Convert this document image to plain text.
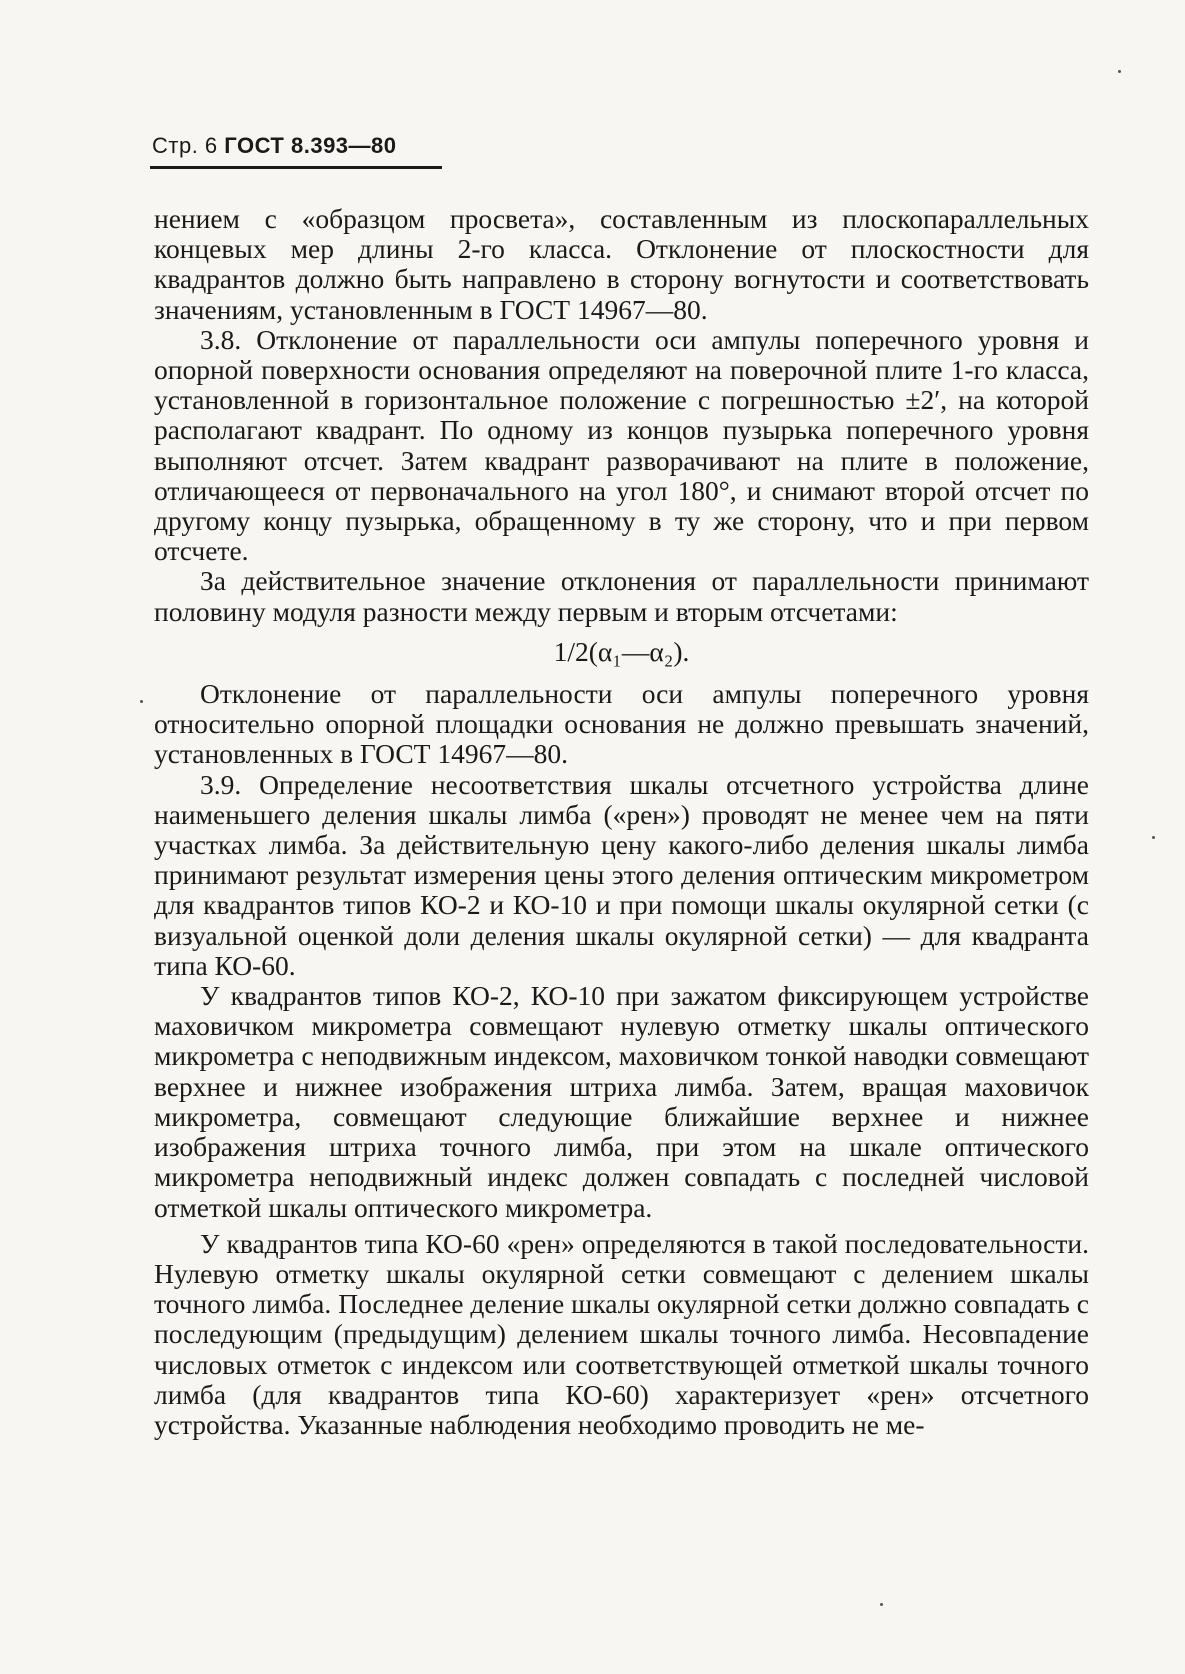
Стр. 6 ГОСТ 8.393—80

нением с «образцом просвета», составленным из плоскопараллельных концевых мер длины 2-го класса. Отклонение от плоскостности для квадрантов должно быть направлено в сторону вогнутости и соответствовать значениям, установленным в ГОСТ 14967—80.

3.8. Отклонение от параллельности оси ампулы поперечного уровня и опорной поверхности основания определяют на поверочной плите 1-го класса, установленной в горизонтальное положение с погрешностью ±2′, на которой располагают квадрант. По одному из концов пузырька поперечного уровня выполняют отсчет. Затем квадрант разворачивают на плите в положение, отличающееся от первоначального на угол 180°, и снимают второй отсчет по другому концу пузырька, обращенному в ту же сторону, что и при первом отсчете.

За действительное значение отклонения от параллельности принимают половину модуля разности между первым и вторым отсчетами:

1/2(α₁—α₂).

Отклонение от параллельности оси ампулы поперечного уровня относительно опорной площадки основания не должно превышать значений, установленных в ГОСТ 14967—80.

3.9. Определение несоответствия шкалы отсчетного устройства длине наименьшего деления шкалы лимба («рен») проводят не менее чем на пяти участках лимба. За действительную цену какого-либо деления шкалы лимба принимают результат измерения цены этого деления оптическим микрометром для квадрантов типов КО-2 и КО-10 и при помощи шкалы окулярной сетки (с визуальной оценкой доли деления шкалы окулярной сетки) — для квадранта типа КО-60.

У квадрантов типов КО-2, КО-10 при зажатом фиксирующем устройстве маховичком микрометра совмещают нулевую отметку шкалы оптического микрометра с неподвижным индексом, маховичком тонкой наводки совмещают верхнее и нижнее изображения штриха лимба. Затем, вращая маховичок микрометра, совмещают следующие ближайшие верхнее и нижнее изображения штриха точного лимба, при этом на шкале оптического микрометра неподвижный индекс должен совпадать с последней числовой отметкой шкалы оптического микрометра.

У квадрантов типа КО-60 «рен» определяются в такой последовательности. Нулевую отметку шкалы окулярной сетки совмещают с делением шкалы точного лимба. Последнее деление шкалы окулярной сетки должно совпадать с последующим (предыдущим) делением шкалы точного лимба. Несовпадение числовых отметок с индексом или соответствующей отметкой шкалы точного лимба (для квадрантов типа КО-60) характеризует «рен» отсчетного устройства. Указанные наблюдения необходимо проводить не ме-
